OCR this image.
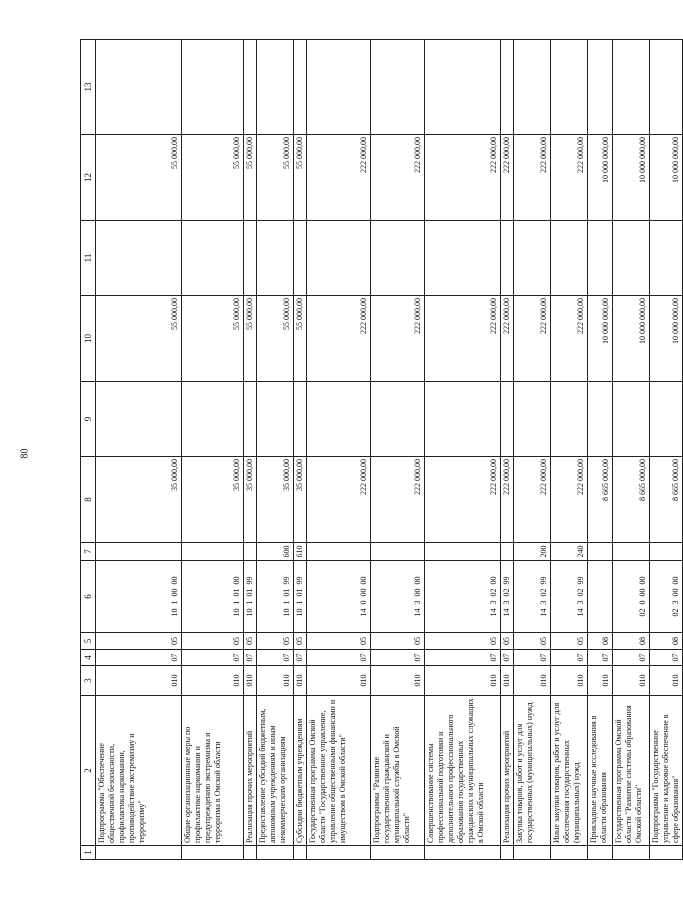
80
1	2	3	4	5	6	7	8	9	10	11	12	13
	Подпрограмма "Обеспечение общественной безопасности, профилактика наркомании, противодействие экстремизму и терроризму"	010	07	05	10  1  00  00		35 000,00		55 000,00		55 000,00	
	Общие организационные меры по профилактике наркомании и предупреждению экстремизма и терроризма в Омской области	010	07	05	10  1  01  00		35 000,00		55 000,00		55 000,00	
	Реализация прочих мероприятий	010	07	05	10  1  01  99		35 000,00		55 000,00		55 000,00	
	Предоставление субсидий бюджетным, автономным учреждениям и иным некоммерческим организациям	010	07	05	10  1  01  99	600	35 000,00		55 000,00		55 000,00	
	Субсидии бюджетным учреждениям	010	07	05	10  1  01  99	610	35 000,00		55 000,00		55 000,00	
	Государственная программа Омской области "Государственное управление, управление общественными финансами и имуществом в Омской области"	010	07	05	14  0  00  00		222 000,00		222 000,00		222 000,00	
	Подпрограмма "Развитие государственной гражданской и муниципальной службы в Омской области"	010	07	05	14  3  00  00		222 000,00		222 000,00		222 000,00	
	Совершенствование системы профессиональной подготовки и дополнительного профессионального образования государственных гражданских и муниципальных служащих в Омской области	010	07	05	14  3  02  00		222 000,00		222 000,00		222 000,00	
	Реализация прочих мероприятий	010	07	05	14  3  02  99		222 000,00		222 000,00		222 000,00	
	Закупка товаров, работ и услуг для государственных (муниципальных) нужд	010	07	05	14  3  02  99	200	222 000,00		222 000,00		222 000,00	
	Иные закупки товаров, работ и услуг для обеспечения государственных (муниципальных) нужд	010	07	05	14  3  02  99	240	222 000,00		222 000,00		222 000,00	
	Прикладные научные исследования в области образования	010	07	08			8 665 000,00		10 000 000,00		10 000 000,00	
	Государственная программа Омской области "Развитие системы образования Омской области"	010	07	08	02  0  00  00		8 665 000,00		10 000 000,00		10 000 000,00	
	Подпрограмма "Государственное управление и кадровое обеспечение в сфере образования"	010	07	08	02  3  00  00		8 665 000,00		10 000 000,00		10 000 000,00	
